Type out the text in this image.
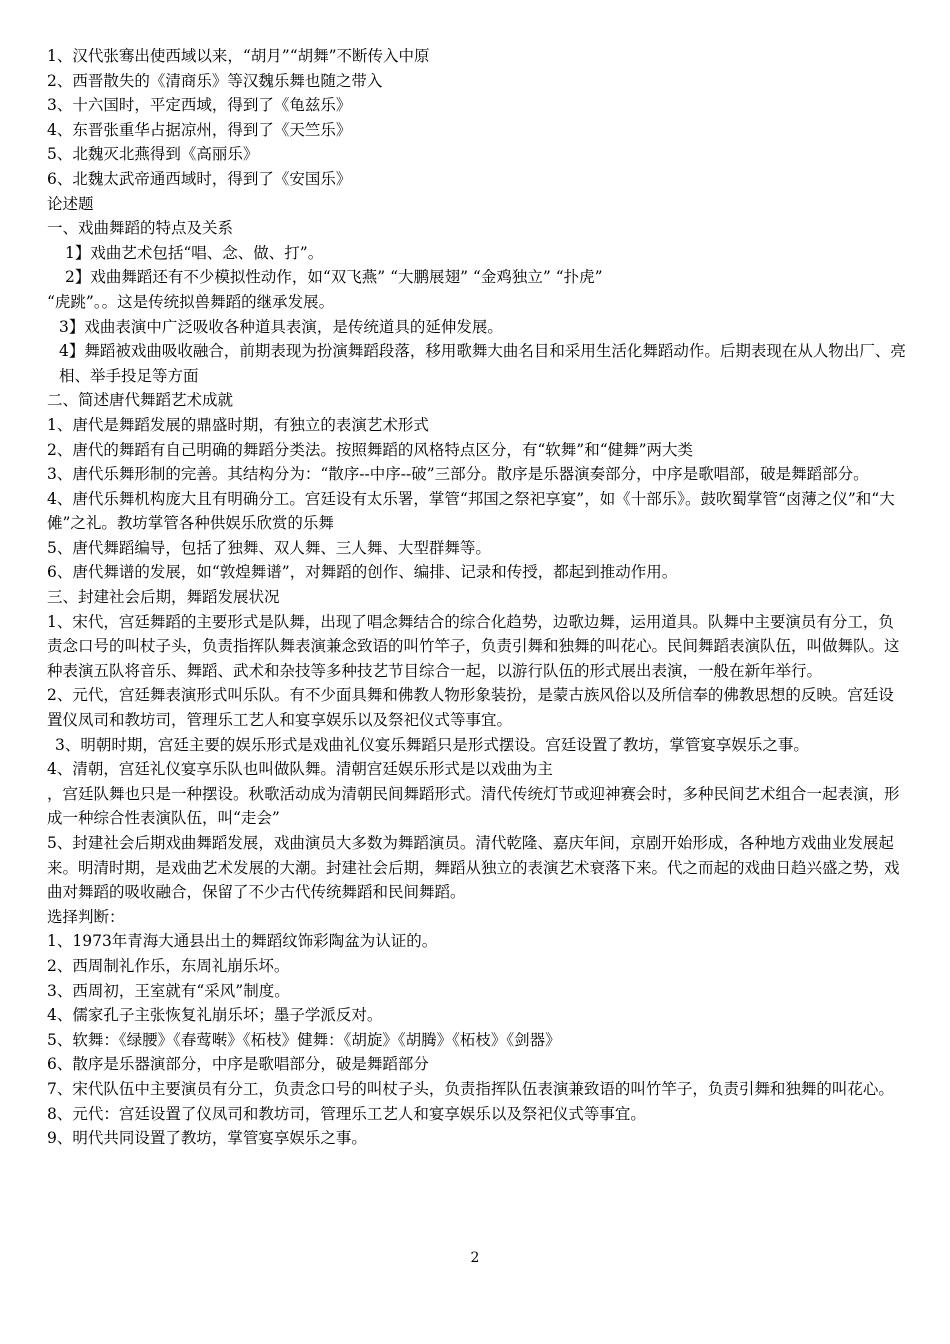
1、汉代张骞出使西域以来，“胡月”“胡舞”不断传入中原

2、西晋散失的《清商乐》等汉魏乐舞也随之带入

3、十六国时，平定西域，得到了《龟兹乐》

4、东晋张重华占据凉州，得到了《天竺乐》

5、北魏灭北燕得到《高丽乐》

6、北魏太武帝通西域时，得到了《安国乐》

论述题

一、戏曲舞蹈的特点及关系

1】戏曲艺术包括“唱、念、做、打”。

2】戏曲舞蹈还有不少模拟性动作，如“双飞燕” “大鹏展翅” “金鸡独立” “扑虎”

“虎跳”。。这是传统拟兽舞蹈的继承发展。

3】戏曲表演中广泛吸收各种道具表演，是传统道具的延伸发展。

4】舞蹈被戏曲吸收融合，前期表现为扮演舞蹈段落，移用歌舞大曲名目和采用生活化舞蹈动作。后期表现在从人物出厂、亮相、举手投足等方面

二、简述唐代舞蹈艺术成就

1、唐代是舞蹈发展的鼎盛时期，有独立的表演艺术形式

2、唐代的舞蹈有自己明确的舞蹈分类法。按照舞蹈的风格特点区分，有“软舞”和“健舞”两大类

3、唐代乐舞形制的完善。其结构分为：“散序--中序--破”三部分。散序是乐器演奏部分，中序是歌唱部，破是舞蹈部分。

4、唐代乐舞机构庞大且有明确分工。宫廷设有太乐署，掌管“邦国之祭祀享宴”，如《十部乐》。鼓吹蜀掌管“卤薄之仪”和“大傩”之礼。教坊掌管各种供娱乐欣赏的乐舞

5、唐代舞蹈编导，包括了独舞、双人舞、三人舞、大型群舞等。

6、唐代舞谱的发展，如“敦煌舞谱”，对舞蹈的创作、编排、记录和传授，都起到推动作用。

三、封建社会后期，舞蹈发展状况

1、宋代，宫廷舞蹈的主要形式是队舞，出现了唱念舞结合的综合化趋势，边歌边舞，运用道具。队舞中主要演员有分工，负责念口号的叫杖子头，负责指挥队舞表演兼念致语的叫竹竿子，负责引舞和独舞的叫花心。民间舞蹈表演队伍，叫做舞队。这种表演五队将音乐、舞蹈、武术和杂技等多种技艺节目综合一起，以游行队伍的形式展出表演，一般在新年举行。

2、元代，宫廷舞表演形式叫乐队。有不少面具舞和佛教人物形象装扮，是蒙古族风俗以及所信奉的佛教思想的反映。宫廷设置仪凤司和教坊司，管理乐工艺人和宴享娱乐以及祭祀仪式等事宜。

3、明朝时期，宫廷主要的娱乐形式是戏曲礼仪宴乐舞蹈只是形式摆设。宫廷设置了教坊，掌管宴享娱乐之事。

4、清朝，宫廷礼仪宴享乐队也叫做队舞。清朝宫廷娱乐形式是以戏曲为主

，宫廷队舞也只是一种摆设。秋歌活动成为清朝民间舞蹈形式。清代传统灯节或迎神赛会时，多种民间艺术组合一起表演，形成一种综合性表演队伍，叫“走会”

5、封建社会后期戏曲舞蹈发展，戏曲演员大多数为舞蹈演员。清代乾隆、嘉庆年间，京剧开始形成，各种地方戏曲业发展起来。明清时期，是戏曲艺术发展的大潮。封建社会后期，舞蹈从独立的表演艺术衰落下来。代之而起的戏曲日趋兴盛之势，戏曲对舞蹈的吸收融合，保留了不少古代传统舞蹈和民间舞蹈。

选择判断：

1、1973年青海大通县出土的舞蹈纹饰彩陶盆为认证的。

2、西周制礼作乐，东周礼崩乐坏。

3、西周初，王室就有“采风”制度。

4、儒家孔子主张恢复礼崩乐坏；墨子学派反对。

5、软舞：《绿腰》《春莺啭》《柘枝》健舞：《胡旋》《胡腾》《柘枝》《剑器》

6、散序是乐器演部分，中序是歌唱部分，破是舞蹈部分

7、宋代队伍中主要演员有分工，负责念口号的叫杖子头，负责指挥队伍表演兼致语的叫竹竿子，负责引舞和独舞的叫花心。

8、元代：宫廷设置了仪凤司和教坊司，管理乐工艺人和宴享娱乐以及祭祀仪式等事宜。

9、明代共同设置了教坊，掌管宴享娱乐之事。

2
